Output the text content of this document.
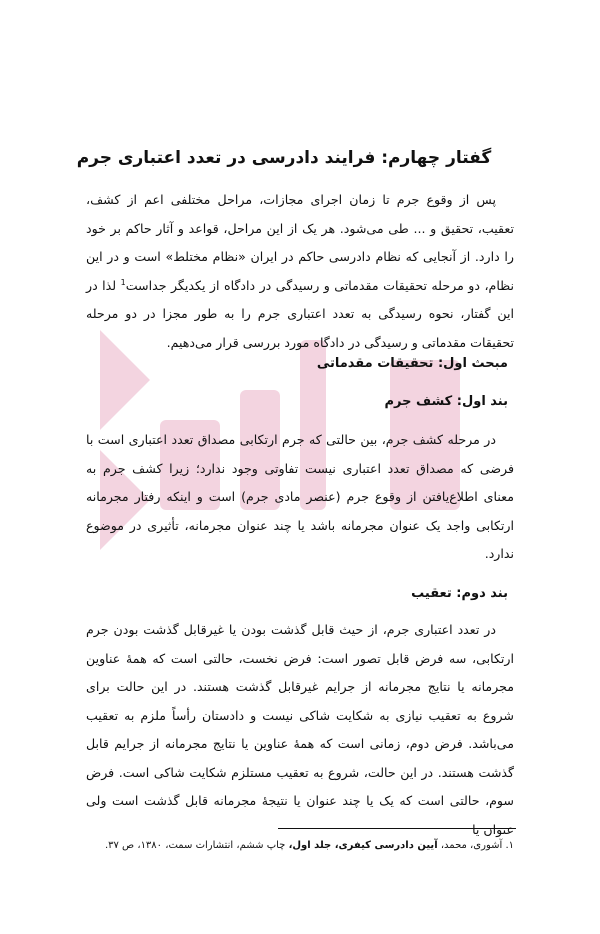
گفتار چهارم: فرایند دادرسی در تعدد اعتباری جرم

پس از وقوع جرم تا زمان اجرای مجازات، مراحل مختلفی اعم از کشف، تعقیب، تحقیق و ... طی می‌شود. هر یک از این مراحل، قواعد و آثار حاکم بر خود را دارد. از آنجایی که نظام دادرسی حاکم در ایران «نظام مختلط» است و در این نظام، دو مرحله تحقیقات مقدماتی و رسیدگی در دادگاه از یکدیگر جداست$^1$ لذا در این گفتار، نحوه رسیدگی به تعدد اعتباری جرم را به طور مجزا در دو مرحله تحقیقات مقدماتی و رسیدگی در دادگاه مورد بررسی قرار می‌دهیم.

مبحث اول: تحقیقات مقدماتی
بند اول: کشف جرم

در مرحله کشف جرم، بین حالتی که جرم ارتکابی مصداق تعدد اعتباری است با فرضی که مصداق تعدد اعتباری نیست تفاوتی وجود ندارد؛ زیرا کشف جرم به معنای اطلاع‌یافتن از وقوع جرم (عنصر مادی جرم) است و اینکه رفتار مجرمانه ارتکابی واجد یک عنوان مجرمانه باشد یا چند عنوان مجرمانه، تأثیری در موضوع ندارد.

بند دوم: تعقیب

در تعدد اعتباری جرم، از حیث قابل گذشت بودن یا غیرقابل گذشت بودن جرم ارتکابی، سه فرض قابل تصور است: فرض نخست، حالتی است که همهٔ عناوین مجرمانه یا نتایج مجرمانه از جرایم غیرقابل گذشت هستند. در این حالت برای شروع به تعقیب نیازی به شکایت شاکی نیست و دادستان رأساً ملزم به تعقیب می‌باشد. فرض دوم، زمانی است که همهٔ عناوین یا نتایج مجرمانه از جرایم قابل گذشت هستند. در این حالت، شروع به تعقیب مستلزم شکایت شاکی است. فرض سوم، حالتی است که یک یا چند عنوان یا نتیجهٔ مجرمانه قابل گذشت است ولی عنوان یا

۱. آشوری، محمد، آیین دادرسی کیفری، جلد اول، چاپ ششم، انتشارات سمت، ۱۳۸۰، ص ۳۷.
